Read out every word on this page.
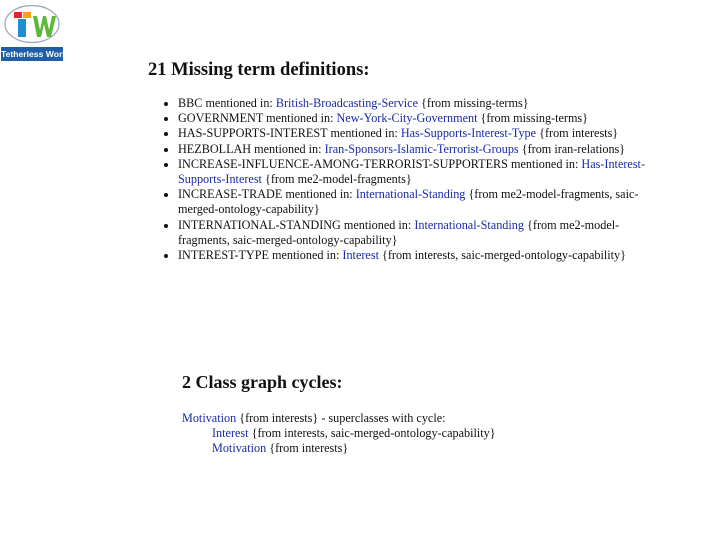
Tetherless World
21 Missing term definitions:
• BBC mentioned in: British-Broadcasting-Service {from missing-terms}
• GOVERNMENT mentioned in: New-York-City-Government {from missing-terms}
• HAS-SUPPORTS-INTEREST mentioned in: Has-Supports-Interest-Type {from interests}
• HEZBOLLAH mentioned in: Iran-Sponsors-Islamic-Terrorist-Groups {from iran-relations}
• INCREASE-INFLUENCE-AMONG-TERRORIST-SUPPORTERS mentioned in: Has-Interest-Supports-Interest {from me2-model-fragments}
• INCREASE-TRADE mentioned in: International-Standing {from me2-model-fragments, saic-merged-ontology-capability}
• INTERNATIONAL-STANDING mentioned in: International-Standing {from me2-model-fragments, saic-merged-ontology-capability}
• INTEREST-TYPE mentioned in: Interest {from interests, saic-merged-ontology-capability}
2 Class graph cycles:
Motivation {from interests} - superclasses with cycle:
Interest {from interests, saic-merged-ontology-capability}
Motivation {from interests}
